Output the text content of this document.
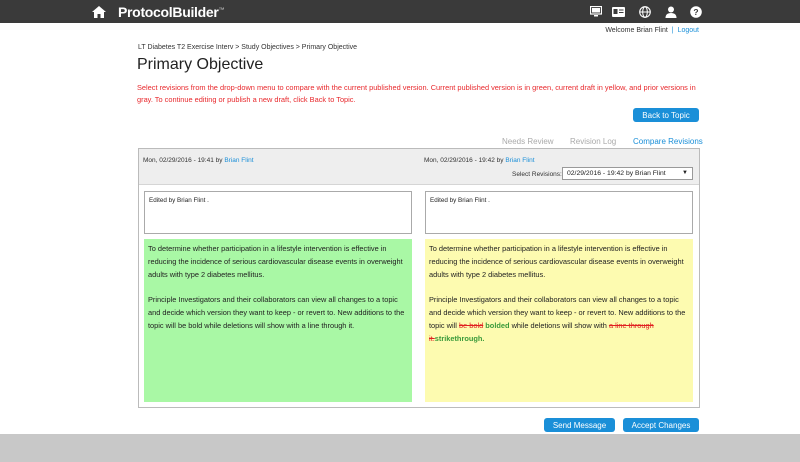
ProtocolBuilder™	?
Welcome Brian Flint | Logout
LT Diabetes T2 Exercise Interv > Study Objectives > Primary Objective
Primary Objective
Select revisions from the drop-down menu to compare with the current published version. Current published version is in green, current draft in yellow, and prior versions in gray. To continue editing or publish a new draft, click Back to Topic.
Back to Topic
Needs Review Revision Log Compare Revisions
Mon, 02/29/2016 - 19:41 by Brian Flint	Mon, 02/29/2016 - 19:42 by Brian Flint
Select Revisions: 02/29/2016 - 19:42 by Brian Flint	▼
Edited by Brian Flint .	Edited by Brian Flint .

To determine whether participation in a lifestyle intervention is effective in reducing the incidence of serious cardiovascular disease events in overweight adults with type 2 diabetes mellitus.

Principle Investigators and their collaborators can view all changes to a topic and decide which version they want to keep - or revert to. New additions to the topic will be bold while deletions will show with a line through it.

To determine whether participation in a lifestyle intervention is effective in reducing the incidence of serious cardiovascular disease events in overweight adults with type 2 diabetes mellitus.

Principle Investigators and their collaborators can view all changes to a topic and decide which version they want to keep - or revert to. New additions to the topic will be bold bolded while deletions will show with a line through it.strikethrough.

Send Message	Accept Changes
